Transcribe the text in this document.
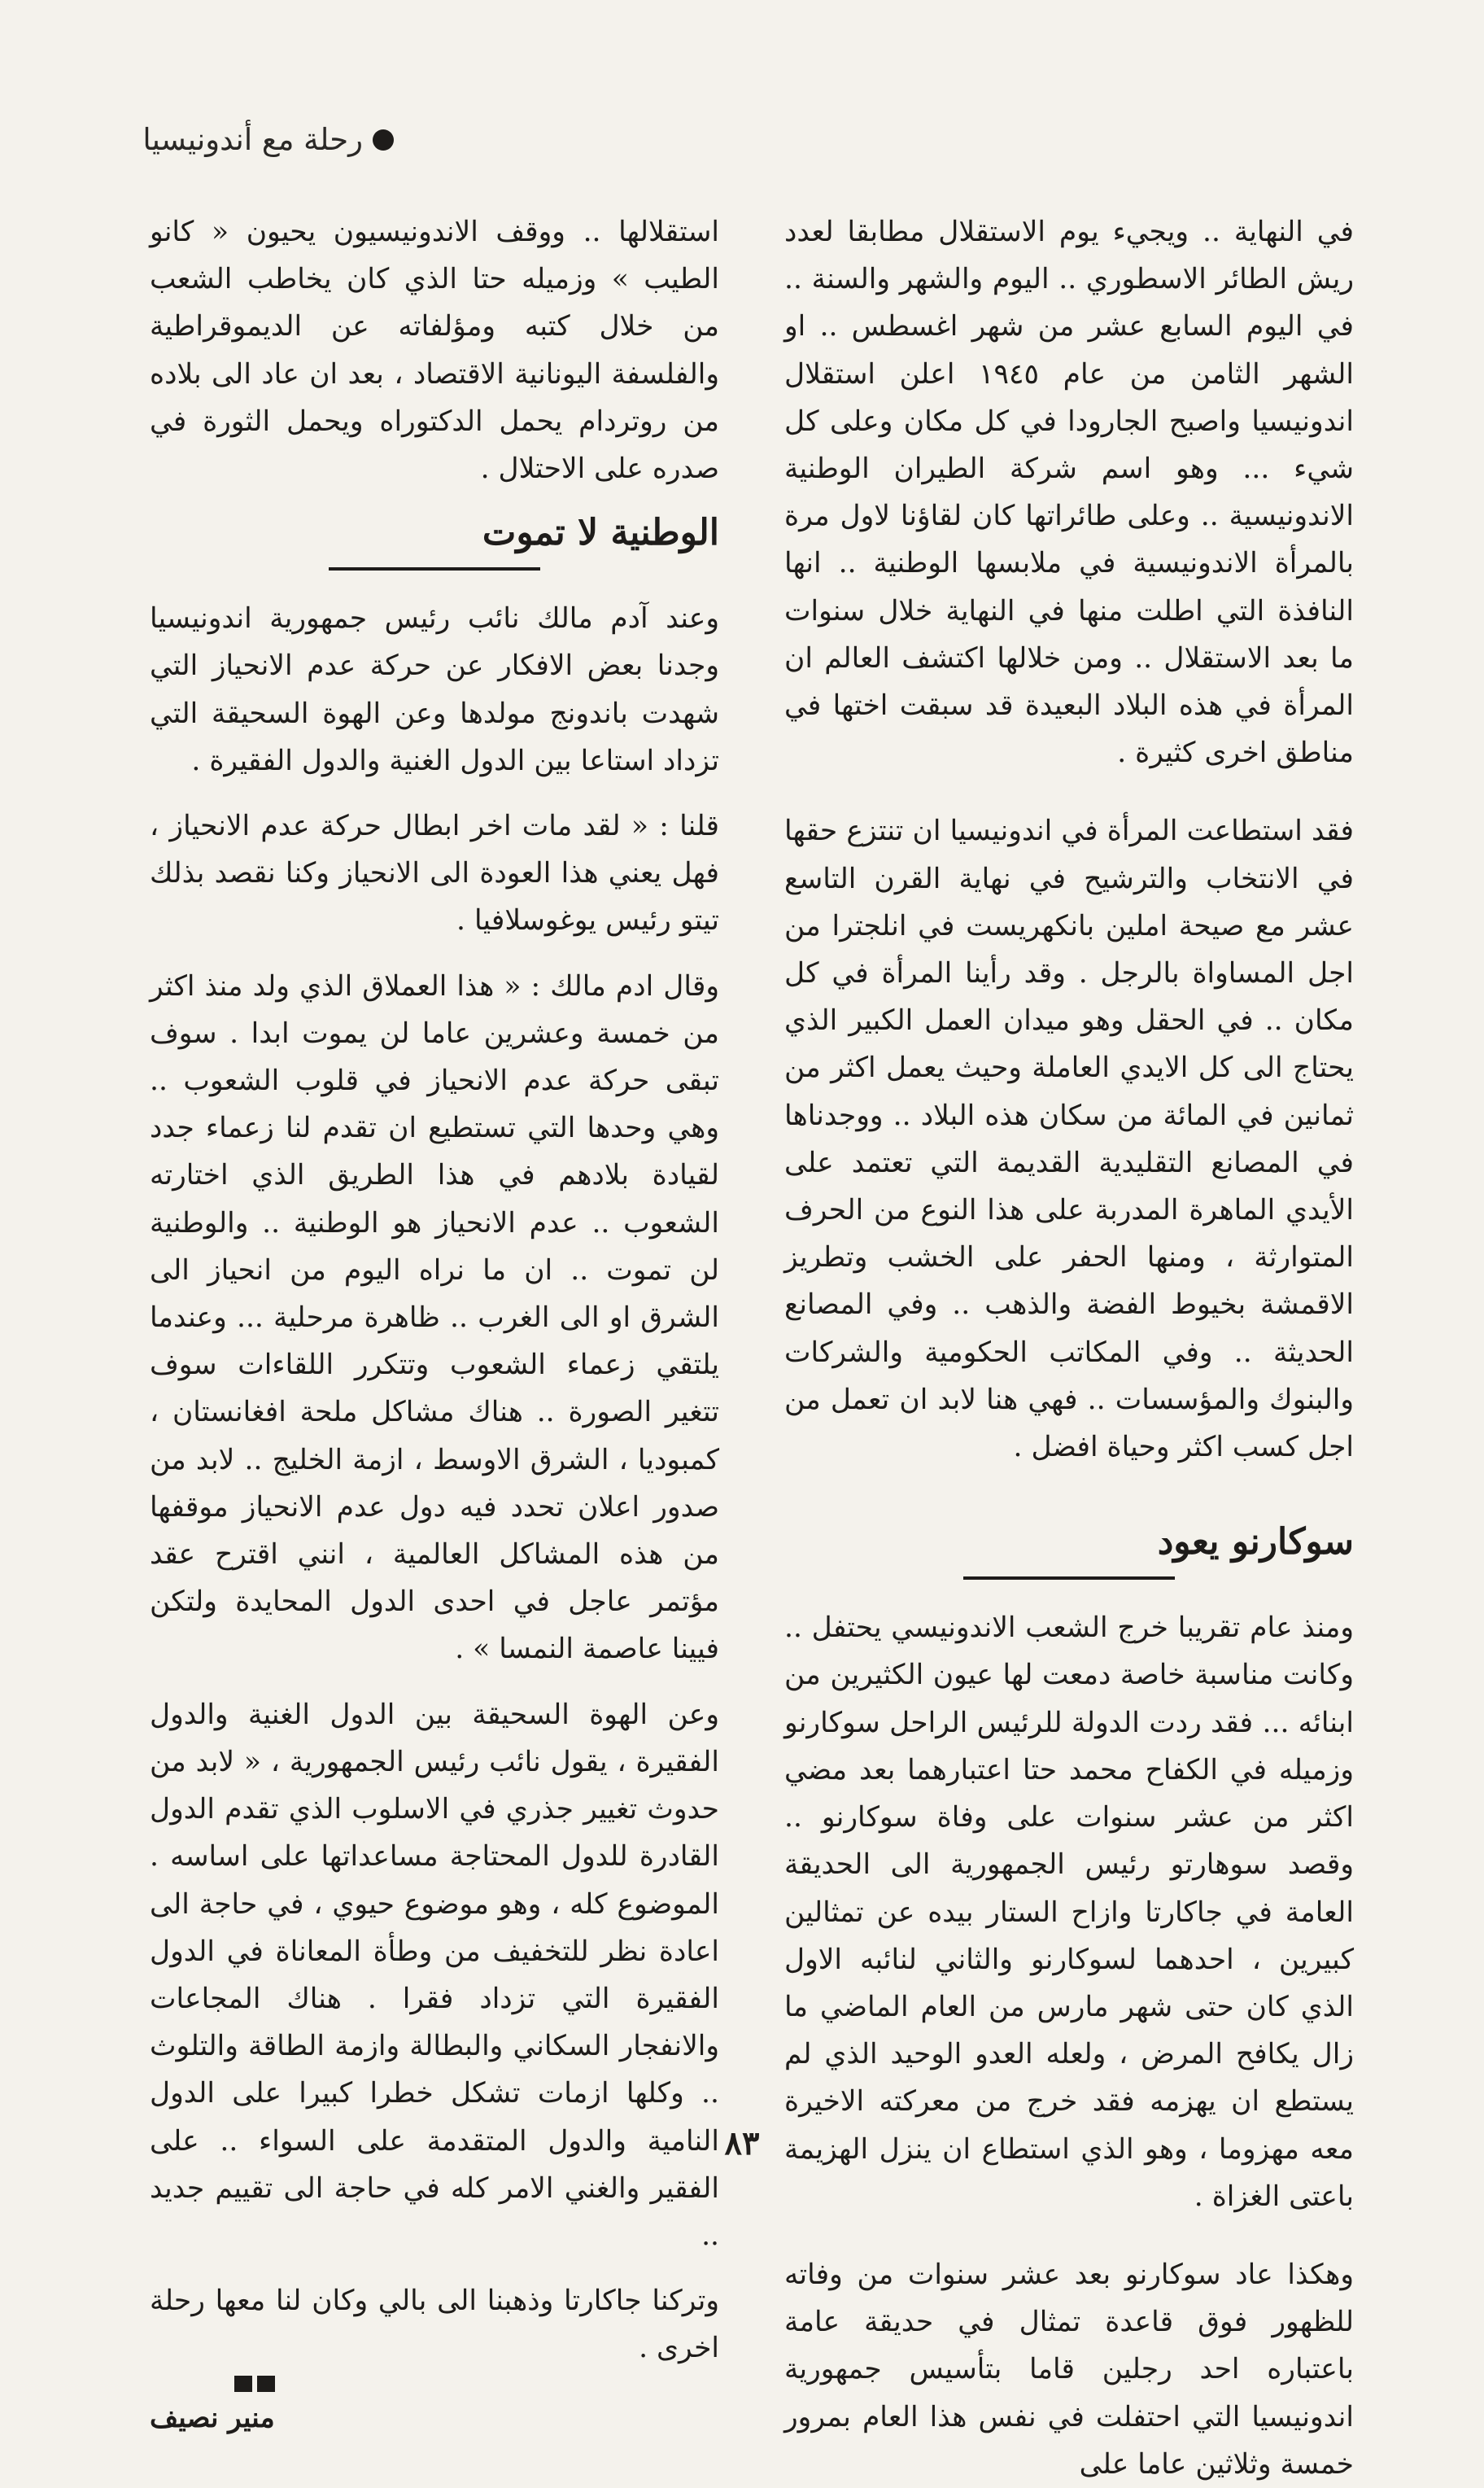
رحلة مع أندونيسيا

في النهاية .. ويجيء يوم الاستقلال مطابقا لعدد ريش الطائر الاسطوري .. اليوم والشهر والسنة .. في اليوم السابع عشر من شهر اغسطس .. او الشهر الثامن من عام ١٩٤٥ اعلن استقلال اندونيسيا واصبح الجارودا في كل مكان وعلى كل شيء ... وهو اسم شركة الطيران الوطنية الاندونيسية .. وعلى طائراتها كان لقاؤنا لاول مرة بالمرأة الاندونيسية في ملابسها الوطنية .. انها النافذة التي اطلت منها في النهاية خلال سنوات ما بعد الاستقلال .. ومن خلالها اكتشف العالم ان المرأة في هذه البلاد البعيدة قد سبقت اختها في مناطق اخرى كثيرة .

فقد استطاعت المرأة في اندونيسيا ان تنتزع حقها في الانتخاب والترشيح في نهاية القرن التاسع عشر مع صيحة املين بانكهريست في انلجترا من اجل المساواة بالرجل . وقد رأينا المرأة في كل مكان .. في الحقل وهو ميدان العمل الكبير الذي يحتاج الى كل الايدي العاملة وحيث يعمل اكثر من ثمانين في المائة من سكان هذه البلاد .. ووجدناها في المصانع التقليدية القديمة التي تعتمد على الأيدي الماهرة المدربة على هذا النوع من الحرف المتوارثة ، ومنها الحفر على الخشب وتطريز الاقمشة بخيوط الفضة والذهب .. وفي المصانع الحديثة .. وفي المكاتب الحكومية والشركات والبنوك والمؤسسات .. فهي هنا لابد ان تعمل من اجل كسب اكثر وحياة افضل .

سوكارنو يعود

ومنذ عام تقريبا خرج الشعب الاندونيسي يحتفل .. وكانت مناسبة خاصة دمعت لها عيون الكثيرين من ابنائه ... فقد ردت الدولة للرئيس الراحل سوكارنو وزميله في الكفاح محمد حتا اعتبارهما بعد مضي اكثر من عشر سنوات على وفاة سوكارنو .. وقصد سوهارتو رئيس الجمهورية الى الحديقة العامة في جاكارتا وازاح الستار بيده عن تمثالين كبيرين ، احدهما لسوكارنو والثاني لنائبه الاول الذي كان حتى شهر مارس من العام الماضي ما زال يكافح المرض ، ولعله العدو الوحيد الذي لم يستطع ان يهزمه فقد خرج من معركته الاخيرة معه مهزوما ، وهو الذي استطاع ان ينزل الهزيمة باعتى الغزاة .

وهكذا عاد سوكارنو بعد عشر سنوات من وفاته للظهور فوق قاعدة تمثال في حديقة عامة باعتباره احد رجلين قاما بتأسيس جمهورية اندونيسيا التي احتفلت في نفس هذا العام بمرور خمسة وثلاثين عاما على

استقلالها .. ووقف الاندونيسيون يحيون « كانو الطيب » وزميله حتا الذي كان يخاطب الشعب من خلال كتبه ومؤلفاته عن الديموقراطية والفلسفة اليونانية الاقتصاد ، بعد ان عاد الى بلاده من روتردام يحمل الدكتوراه ويحمل الثورة في صدره على الاحتلال .

الوطنية لا تموت

وعند آدم مالك نائب رئيس جمهورية اندونيسيا وجدنا بعض الافكار عن حركة عدم الانحياز التي شهدت باندونج مولدها وعن الهوة السحيقة التي تزداد استاعا بين الدول الغنية والدول الفقيرة .

قلنا : « لقد مات اخر ابطال حركة عدم الانحياز ، فهل يعني هذا العودة الى الانحياز وكنا نقصد بذلك تيتو رئيس يوغوسلافيا .

وقال ادم مالك : « هذا العملاق الذي ولد منذ اكثر من خمسة وعشرين عاما لن يموت ابدا . سوف تبقى حركة عدم الانحياز في قلوب الشعوب .. وهي وحدها التي تستطيع ان تقدم لنا زعماء جدد لقيادة بلادهم في هذا الطريق الذي اختارته الشعوب .. عدم الانحياز هو الوطنية .. والوطنية لن تموت .. ان ما نراه اليوم من انحياز الى الشرق او الى الغرب .. ظاهرة مرحلية ... وعندما يلتقي زعماء الشعوب وتتكرر اللقاءات سوف تتغير الصورة .. هناك مشاكل ملحة افغانستان ، كمبوديا ، الشرق الاوسط ، ازمة الخليج .. لابد من صدور اعلان تحدد فيه دول عدم الانحياز موقفها من هذه المشاكل العالمية ، انني اقترح عقد مؤتمر عاجل في احدى الدول المحايدة ولتكن فيينا عاصمة النمسا » .

وعن الهوة السحيقة بين الدول الغنية والدول الفقيرة ، يقول نائب رئيس الجمهورية ، « لابد من حدوث تغيير جذري في الاسلوب الذي تقدم الدول القادرة للدول المحتاجة مساعداتها على اساسه . الموضوع كله ، وهو موضوع حيوي ، في حاجة الى اعادة نظر للتخفيف من وطأة المعاناة في الدول الفقيرة التي تزداد فقرا . هناك المجاعات والانفجار السكاني والبطالة وازمة الطاقة والتلوث .. وكلها ازمات تشكل خطرا كبيرا على الدول النامية والدول المتقدمة على السواء .. على الفقير والغني الامر كله في حاجة الى تقييم جديد ..

وتركنا جاكارتا وذهبنا الى بالي وكان لنا معها رحلة اخرى .

منير نصيف
٨٣
